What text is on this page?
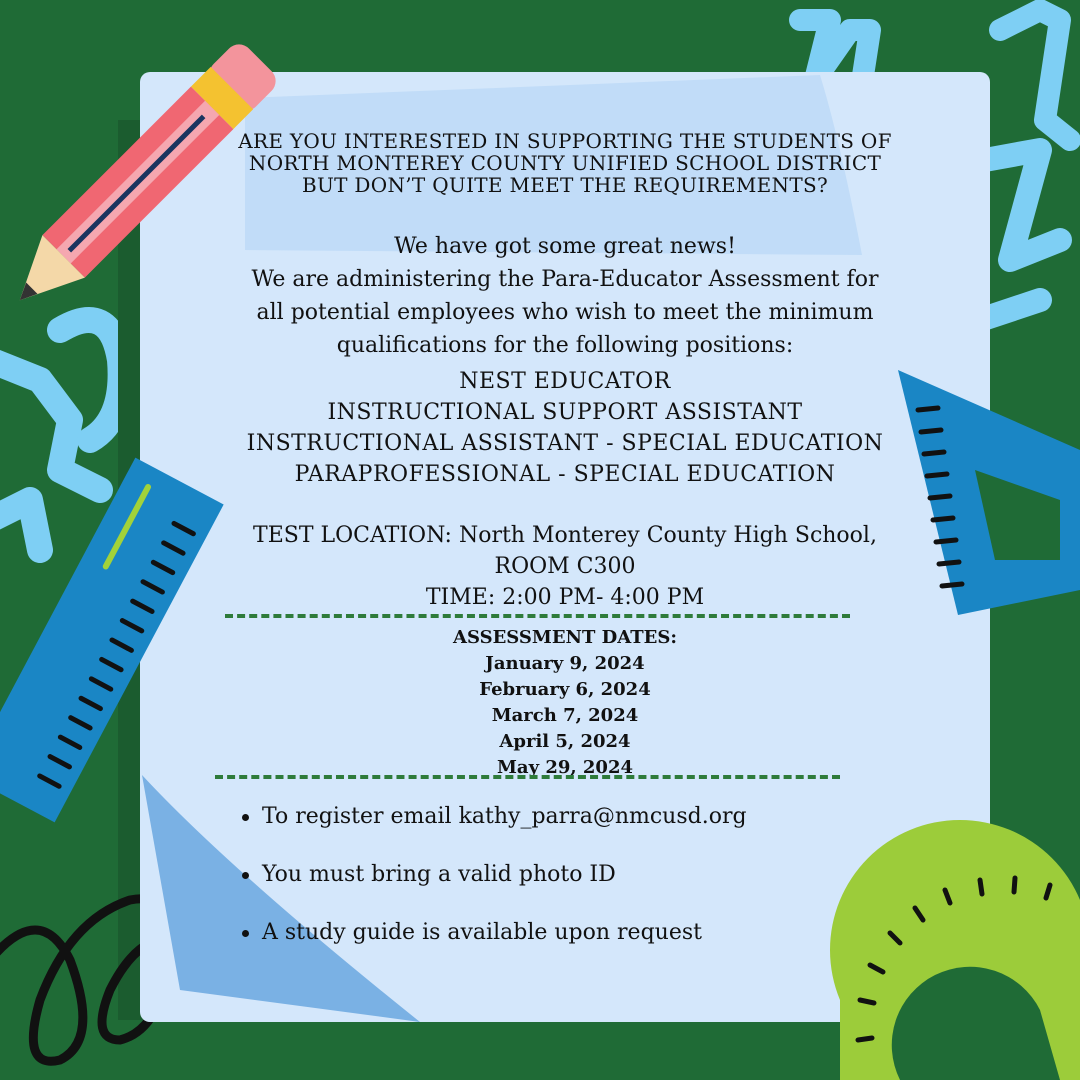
ARE YOU INTERESTED IN SUPPORTING THE STUDENTS OF
NORTH MONTEREY COUNTY UNIFIED SCHOOL DISTRICT
BUT DON’T QUITE MEET THE REQUIREMENTS?
We have got some great news!
We are administering the Para-Educator Assessment for
all potential employees who wish to meet the minimum
qualifications for the following positions:
NEST EDUCATOR
INSTRUCTIONAL SUPPORT ASSISTANT
INSTRUCTIONAL ASSISTANT - SPECIAL EDUCATION
PARAPROFESSIONAL - SPECIAL EDUCATION
TEST LOCATION: North Monterey County High School,
ROOM C300
TIME: 2:00 PM- 4:00 PM
ASSESSMENT DATES:
January 9, 2024
February 6, 2024
March 7, 2024
April 5, 2024
May 29, 2024
To register email kathy_parra@nmcusd.org
You must bring a valid photo ID
A study guide is available upon request
